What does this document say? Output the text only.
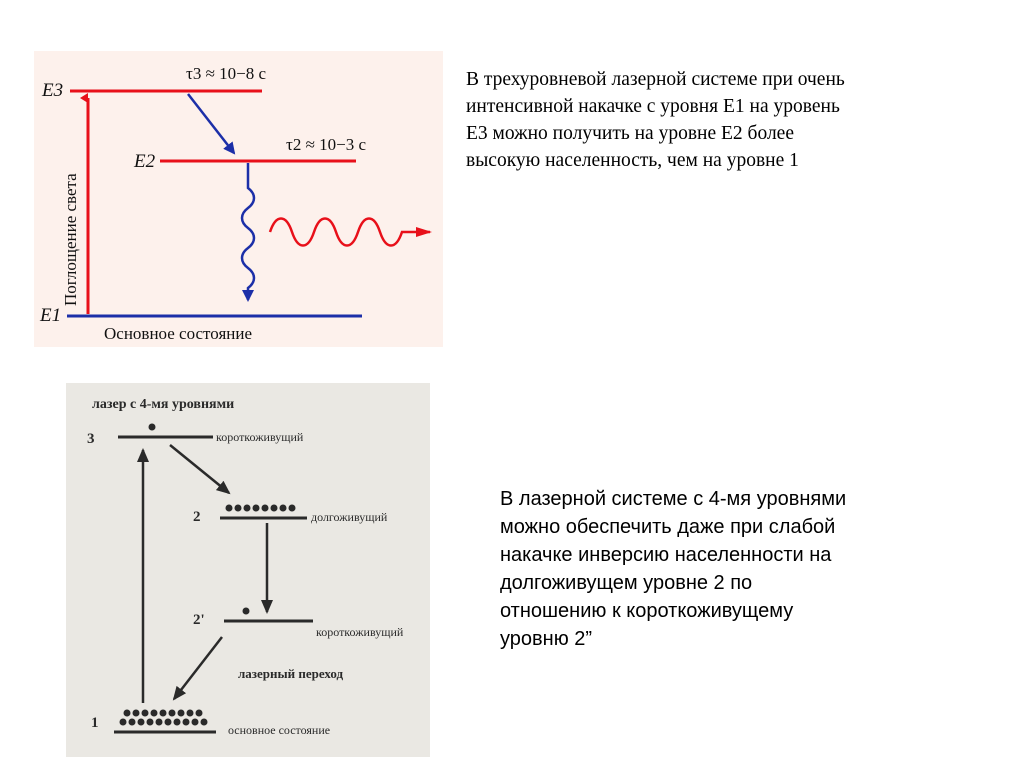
E3
E2
E1
τ3 ≈ 10−8 с
τ2 ≈ 10−3 с
Поглощение света
Основное состояние
В трехуровневой лазерной системе при очень
интенсивной накачке с уровня Е1 на уровень
Е3 можно получить на уровне Е2 более
высокую населенность, чем на уровне 1
лазер с 4-мя уровнями
3	короткоживущий
2	долгоживущий
2'
короткоживущий
лазерный переход
1	основное состояние
В лазерной системе с 4-мя уровнями
можно обеспечить даже при слабой
накачке инверсию населенности на
долгоживущем уровне 2 по
отношению к короткоживущему
уровню 2”
